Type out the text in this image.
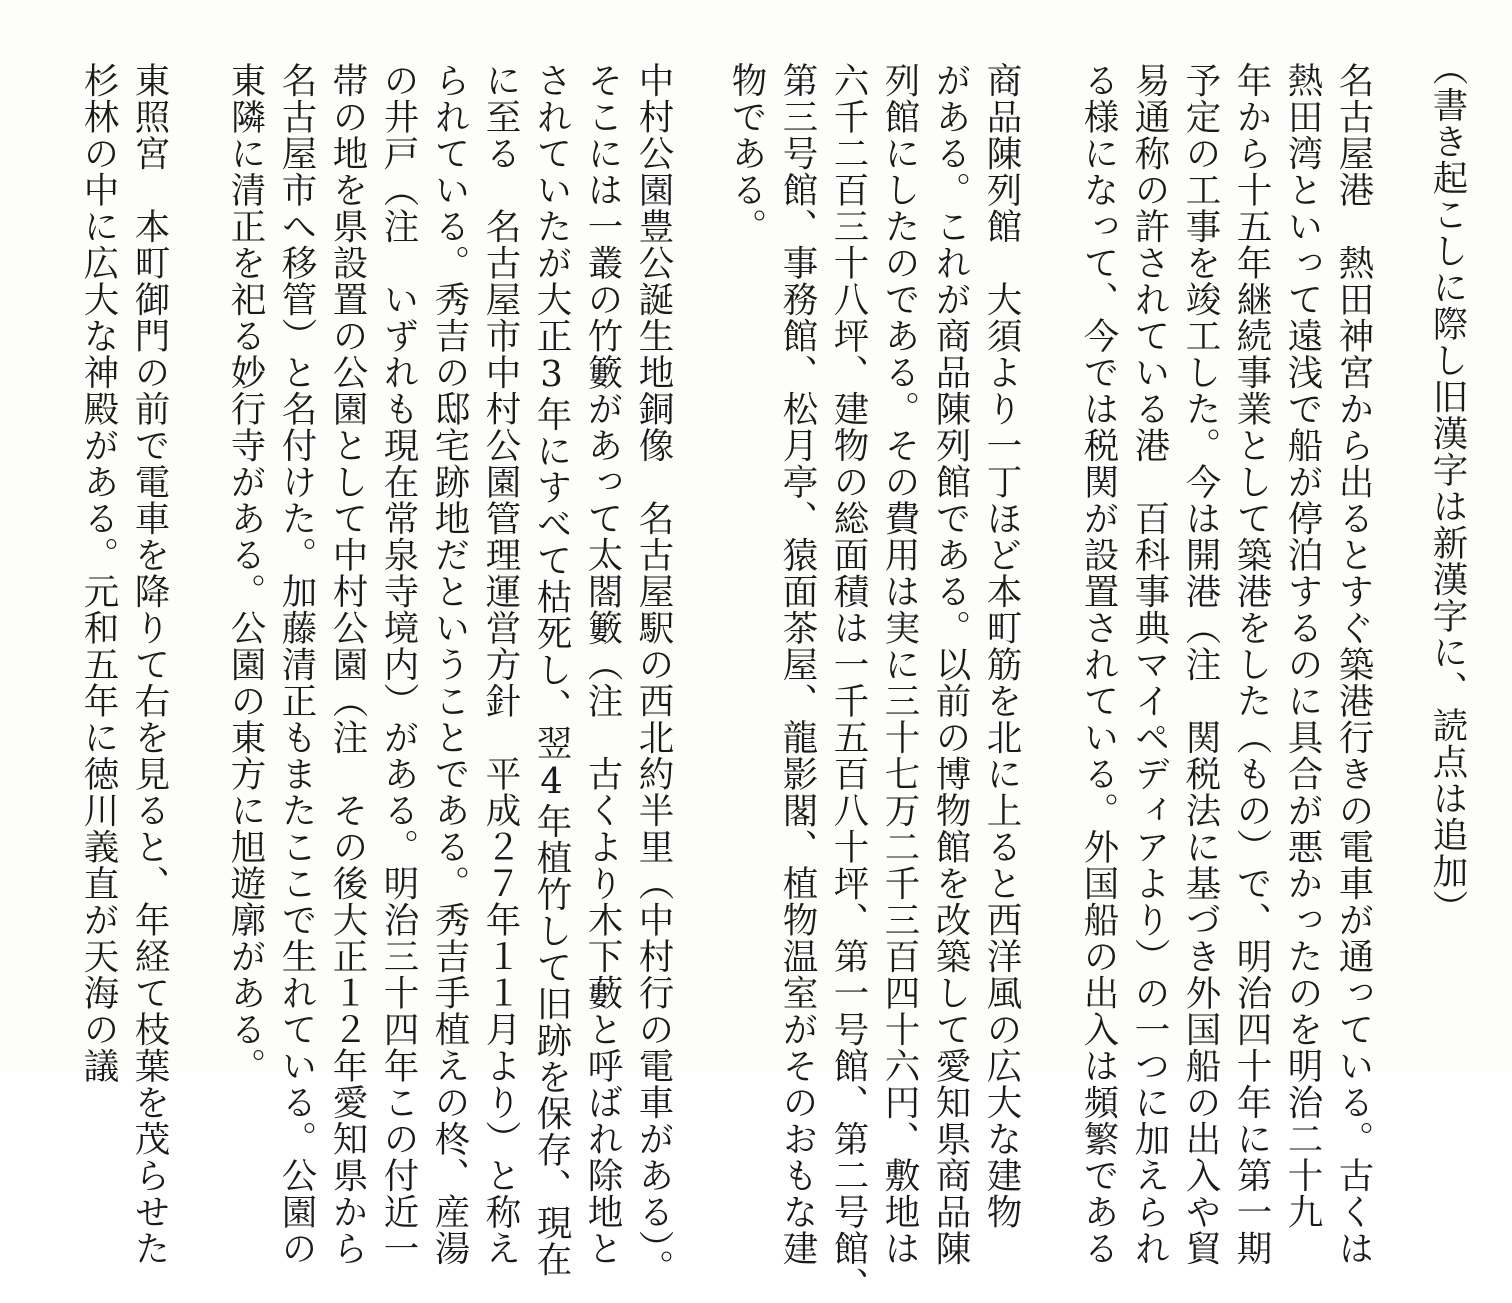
（書き起こしに際し旧漢字は新漢字に、読点は追加）
名古屋港　熱田神宮から出るとすぐ築港行きの電車が通っている。古くは
熱田湾といって遠浅で船が停泊するのに具合が悪かったのを明治二十九
年から十五年継続事業として築港をした（もの）で、明治四十年に第一期
予定の工事を竣工した。今は開港（注　関税法に基づき外国船の出入や貿
易通称の許されている港　百科事典マイペディアより）の一つに加えられ
る様になって、今では税関が設置されている。外国船の出入は頻繁である
商品陳列館　大須より一丁ほど本町筋を北に上ると西洋風の広大な建物
がある。これが商品陳列館である。以前の博物館を改築して愛知県商品陳
列館にしたのである。その費用は実に三十七万二千三百四十六円、敷地は
六千二百三十八坪、建物の総面積は一千五百八十坪、第一号館、第二号館、
第三号館、事務館、松月亭、猿面茶屋、龍影閣、植物温室がそのおもな建
物である。
中村公園豊公誕生地銅像　名古屋駅の西北約半里（中村行の電車がある）。
そこには一叢の竹籔があって太閤籔（注　古くより木下藪と呼ばれ除地と
されていたが大正3年にすべて枯死し、翌4年植竹して旧跡を保存、現在
に至る　名古屋市中村公園管理運営方針　平成２７年１１月より）と称え
られている。秀吉の邸宅跡地だということである。秀吉手植えの柊、産湯
の井戸（注　いずれも現在常泉寺境内）がある。明治三十四年この付近一
帯の地を県設置の公園として中村公園（注　その後大正１２年愛知県から
名古屋市へ移管）と名付けた。加藤清正もまたここで生れている。公園の
東隣に清正を祀る妙行寺がある。公園の東方に旭遊廓がある。
東照宮　本町御門の前で電車を降りて右を見ると、年経て枝葉を茂らせた
杉林の中に広大な神殿がある。元和五年に徳川義直が天海の議
